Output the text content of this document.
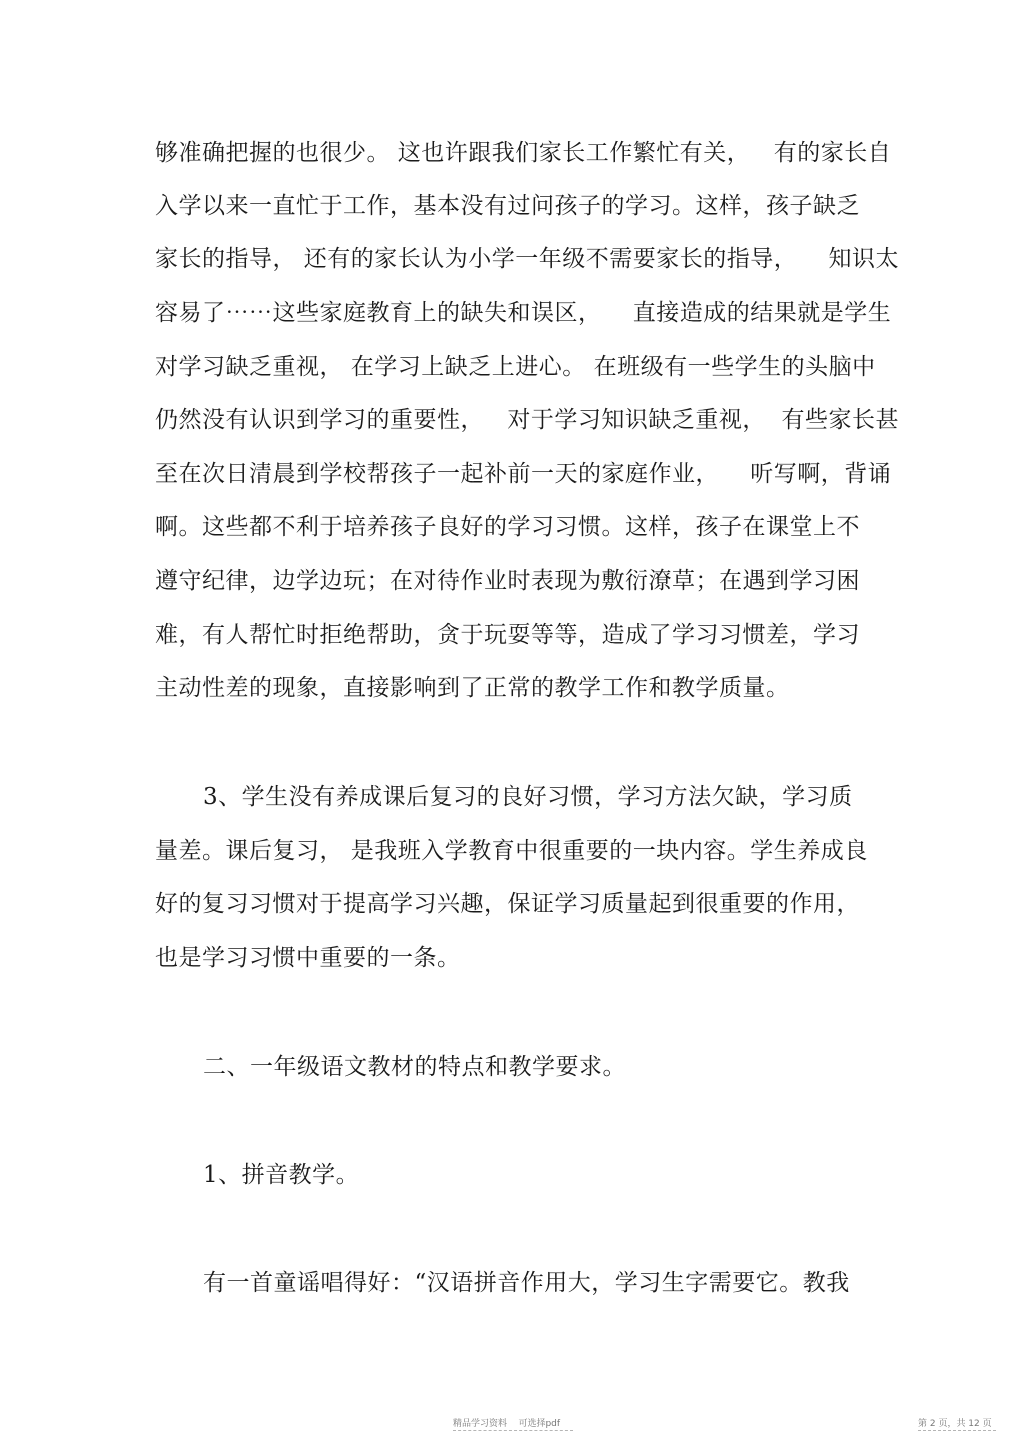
够准确把握的也很少。 这也许跟我们家长工作繁忙有关，   有的家长自
入学以来一直忙于工作，基本没有过问孩子的学习。这样，孩子缺乏
家长的指导， 还有的家长认为小学一年级不需要家长的指导，    知识太
容易了⋯⋯这些家庭教育上的缺失和误区，    直接造成的结果就是学生
对学习缺乏重视， 在学习上缺乏上进心。 在班级有一些学生的头脑中
仍然没有认识到学习的重要性，   对于学习知识缺乏重视，  有些家长甚
至在次日清晨到学校帮孩子一起补前一天的家庭作业，    听写啊，背诵
啊。这些都不利于培养孩子良好的学习习惯。这样，孩子在课堂上不
遵守纪律，边学边玩；在对待作业时表现为敷衍潦草；在遇到学习困
难，有人帮忙时拒绝帮助，贪于玩耍等等，造成了学习习惯差，学习
主动性差的现象，直接影响到了正常的教学工作和教学质量。
3、学生没有养成课后复习的良好习惯，学习方法欠缺，学习质
量差。课后复习， 是我班入学教育中很重要的一块内容。学生养成良
好的复习习惯对于提高学习兴趣，保证学习质量起到很重要的作用，
也是学习习惯中重要的一条。
二、一年级语文教材的特点和教学要求。
1、拼音教学。
有一首童谣唱得好：“汉语拼音作用大，学习生字需要它。教我
精品学习资料    可选择pdf	第 2 页，共 12 页
